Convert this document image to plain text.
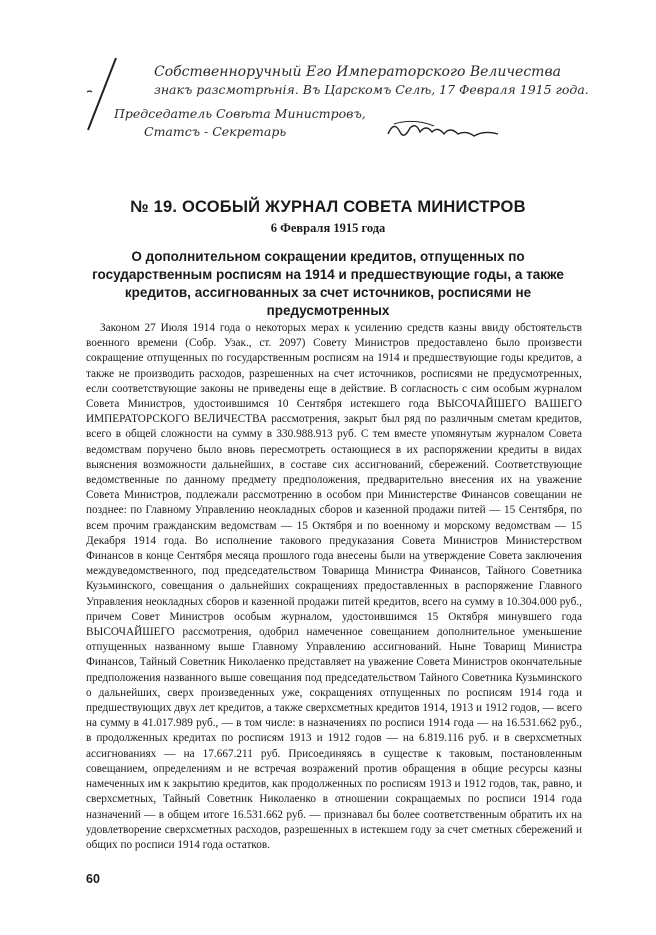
Собственноручный Его Императорского Величества
знакъ разсмотрѣнія. Въ Царскомъ Селѣ, 17 Февраля 1915 года.
Председатель Совѣта Министровъ,
Статсъ - Секретарь
№ 19. ОСОБЫЙ ЖУРНАЛ СОВЕТА МИНИСТРОВ
6 Февраля 1915 года
О дополнительном сокращении кредитов, отпущенных по государственным росписям на 1914 и предшествующие годы, а также кредитов, ассигнованных за счет источников, росписями не предусмотренных

Законом 27 Июля 1914 года о некоторых мерах к усилению средств казны ввиду обстоятельств военного времени (Собр. Узак., ст. 2097) Совету Министров предоставлено было произвести сокращение отпущенных по государственным росписям на 1914 и предшествующие годы кредитов, а также не производить расходов, разрешенных на счет источников, росписями не предусмотренных, если соответствующие законы не приведены еще в действие. В согласность с сим особым журналом Совета Министров, удостоившимся 10 Сентября истекшего года ВЫСОЧАЙШЕГО ВАШЕГО ИМПЕРАТОРСКОГО ВЕЛИЧЕСТВА рассмотрения, закрыт был ряд по различным сметам кредитов, всего в общей сложности на сумму в 330.988.913 руб. С тем вместе упомянутым журналом Совета ведомствам поручено было вновь пересмотреть остающиеся в их распоряжении кредиты в видах выяснения возможности дальнейших, в составе сих ассигнований, сбережений. Соответствующие ведомственные по данному предмету предположения, предварительно внесения их на уважение Совета Министров, подлежали рассмотрению в особом при Министерстве Финансов совещании не позднее: по Главному Управлению неокладных сборов и казенной продажи питей — 15 Сентября, по всем прочим гражданским ведомствам — 15 Октября и по военному и морскому ведомствам — 15 Декабря 1914 года. Во исполнение такового предуказания Совета Министров Министерством Финансов в конце Сентября месяца прошлого года внесены были на утверждение Совета заключения междуведомственного, под председательством Товарища Министра Финансов, Тайного Советника Кузьминского, совещания о дальнейших сокращениях предоставленных в распоряжение Главного Управления неокладных сборов и казенной продажи питей кредитов, всего на сумму в 10.304.000 руб., причем Совет Министров особым журналом, удостоившимся 15 Октября минувшего года ВЫСОЧАЙШЕГО рассмотрения, одобрил намеченное совещанием дополнительное уменьшение отпущенных названному выше Главному Управлению ассигнований. Ныне Товарищ Министра Финансов, Тайный Советник Николаенко представляет на уважение Совета Министров окончательные предположения названного выше совещания под председательством Тайного Советника Кузьминского о дальнейших, сверх произведенных уже, сокращениях отпущенных по росписям 1914 года и предшествующих двух лет кредитов, а также сверхсметных кредитов 1914, 1913 и 1912 годов, — всего на сумму в 41.017.989 руб., — в том числе: в назначениях по росписи 1914 года — на 16.531.662 руб., в продолженных кредитах по росписям 1913 и 1912 годов — на 6.819.116 руб. и в сверхсметных ассигнованиях — на 17.667.211 руб. Присоединяясь в существе к таковым, постановленным совещанием, определениям и не встречая возражений против обращения в общие ресурсы казны намеченных им к закрытию кредитов, как продолженных по росписям 1913 и 1912 годов, так, равно, и сверхсметных, Тайный Советник Николаенко в отношении сокращаемых по росписи 1914 года назначений — в общем итоге 16.531.662 руб. — признавал бы более соответственным обратить их на удовлетворение сверхсметных расходов, разрешенных в истекшем году за счет сметных сбережений и общих по росписи 1914 года остатков.

60
